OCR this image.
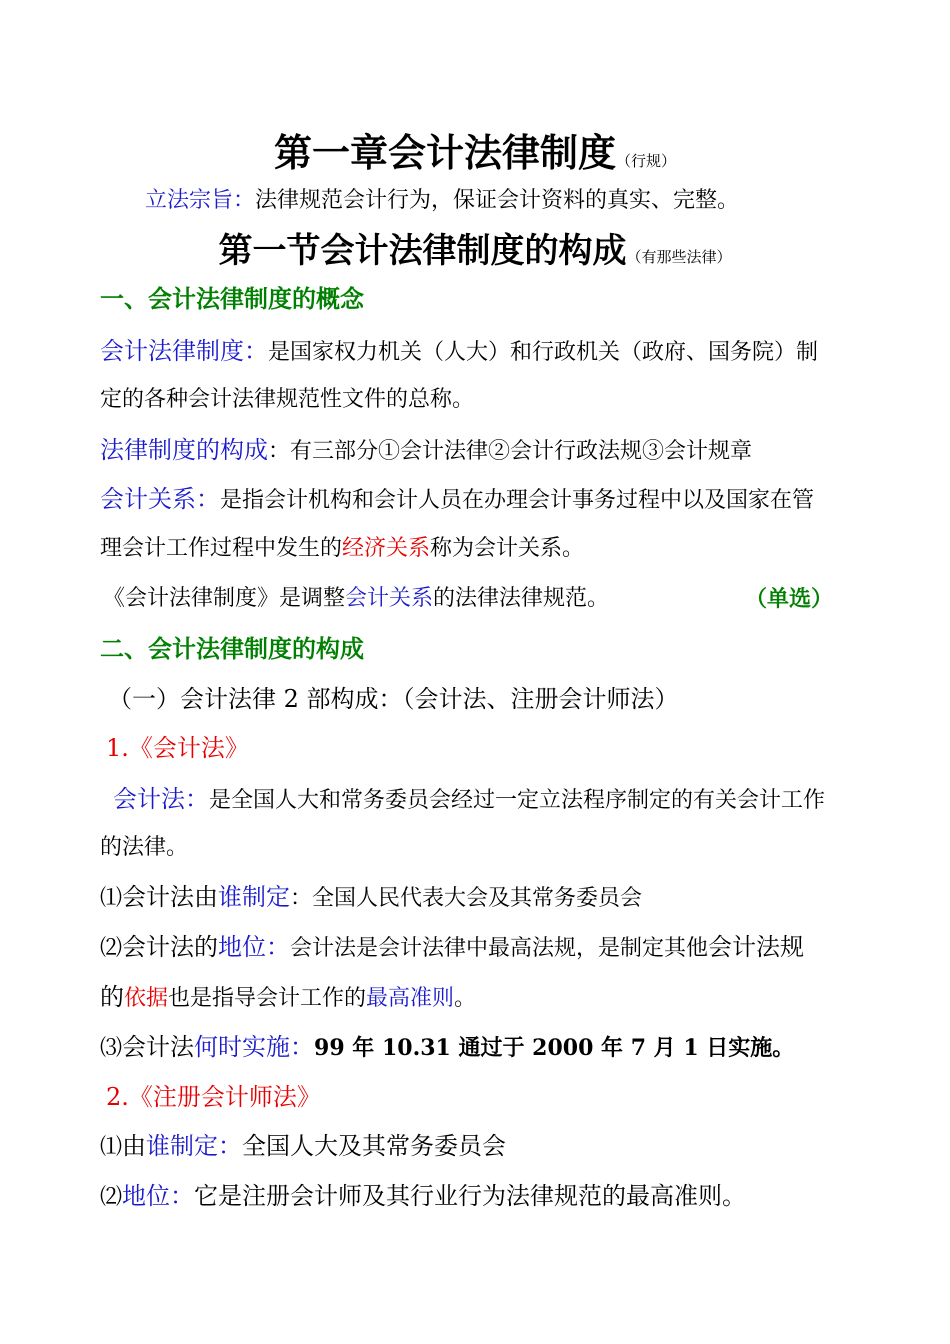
第一章会计法律制度（行规）
立法宗旨：法律规范会计行为，保证会计资料的真实、完整。
第一节会计法律制度的构成（有那些法律）
一、会计法律制度的概念
会计法律制度：是国家权力机关（人大）和行政机关（政府、国务院）制
定的各种会计法律规范性文件的总称。
法律制度的构成：有三部分①会计法律②会计行政法规③会计规章
会计关系：是指会计机构和会计人员在办理会计事务过程中以及国家在管
理会计工作过程中发生的经济关系称为会计关系。
《会计法律制度》是调整会计关系的法律法律规范。	（单选）
二、会计法律制度的构成
（一）会计法律 2 部构成：（会计法、注册会计师法）
1.《会计法》
会计法：是全国人大和常务委员会经过一定立法程序制定的有关会计工作
的法律。
⑴会计法由谁制定：全国人民代表大会及其常务委员会
⑵会计法的地位：会计法是会计法律中最高法规，是制定其他会计法规
的依据也是指导会计工作的最高准则。
⑶会计法何时实施：99 年 10.31 通过于 2000 年 7 月 1 日实施。
2.《注册会计师法》
⑴由谁制定：全国人大及其常务委员会
⑵地位：它是注册会计师及其行业行为法律规范的最高准则。
